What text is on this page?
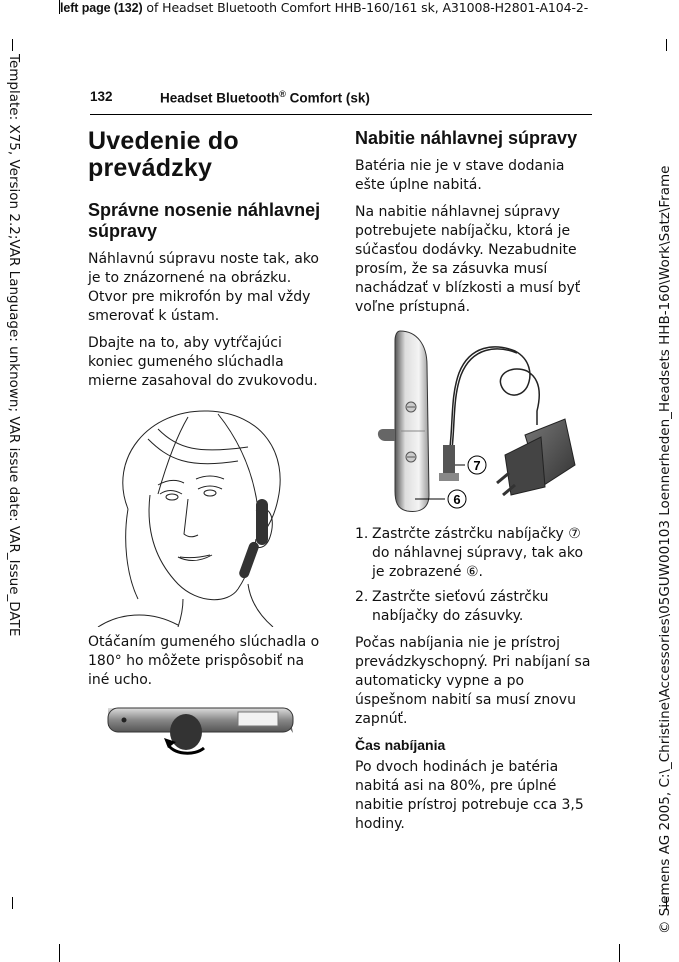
left page (132) of Headset Bluetooth Comfort HHB-160/161 sk, A31008-H2801-A104-2-
Template: X75, Version 2.2;VAR Language: unknown; VAR issue date: VAR_Issue_DATE	© Siemens AG 2005, C:\_Christine\Accessories\05GUW00103 Loennerheden_Headsets HHB-160\Work\Satz\Frame
132	Headset Bluetooth® Comfort (sk)
Uvedenie do prevádzky
Správne nosenie náhlavnej súpravy

Náhlavnú súpravu noste tak, ako je to znázornené na obrázku. Otvor pre mikrofón by mal vždy smerovať k ústam.

Dbajte na to, aby vytŕčajúci koniec gumeného slúchadla mierne zasahoval do zvukovodu.

Otáčaním gumeného slúchadla o 180° ho môžete prispôsobiť na iné ucho.

Nabitie náhlavnej súpravy

Batéria nie je v stave dodania ešte úplne nabitá.

Na nabitie náhlavnej súpravy potrebujete nabíjačku, ktorá je súčasťou dodávky. Nezabudnite prosím, že sa zásuvka musí nachádzať v blízkosti a musí byť voľne prístupná.

7
6
1. Zastrčte zástrčku nabíjačky ⑦ do náhlavnej súpravy, tak ako je zobrazené ⑥.
2. Zastrčte sieťovú zástrčku nabíjačky do zásuvky.

Počas nabíjania nie je prístroj prevádzkyschopný. Pri nabíjaní sa automaticky vypne a po úspešnom nabití sa musí znovu zapnúť.

Čas nabíjania

Po dvoch hodinách je batéria nabitá asi na 80%, pre úplné nabitie prístroj potrebuje cca 3,5 hodiny.
